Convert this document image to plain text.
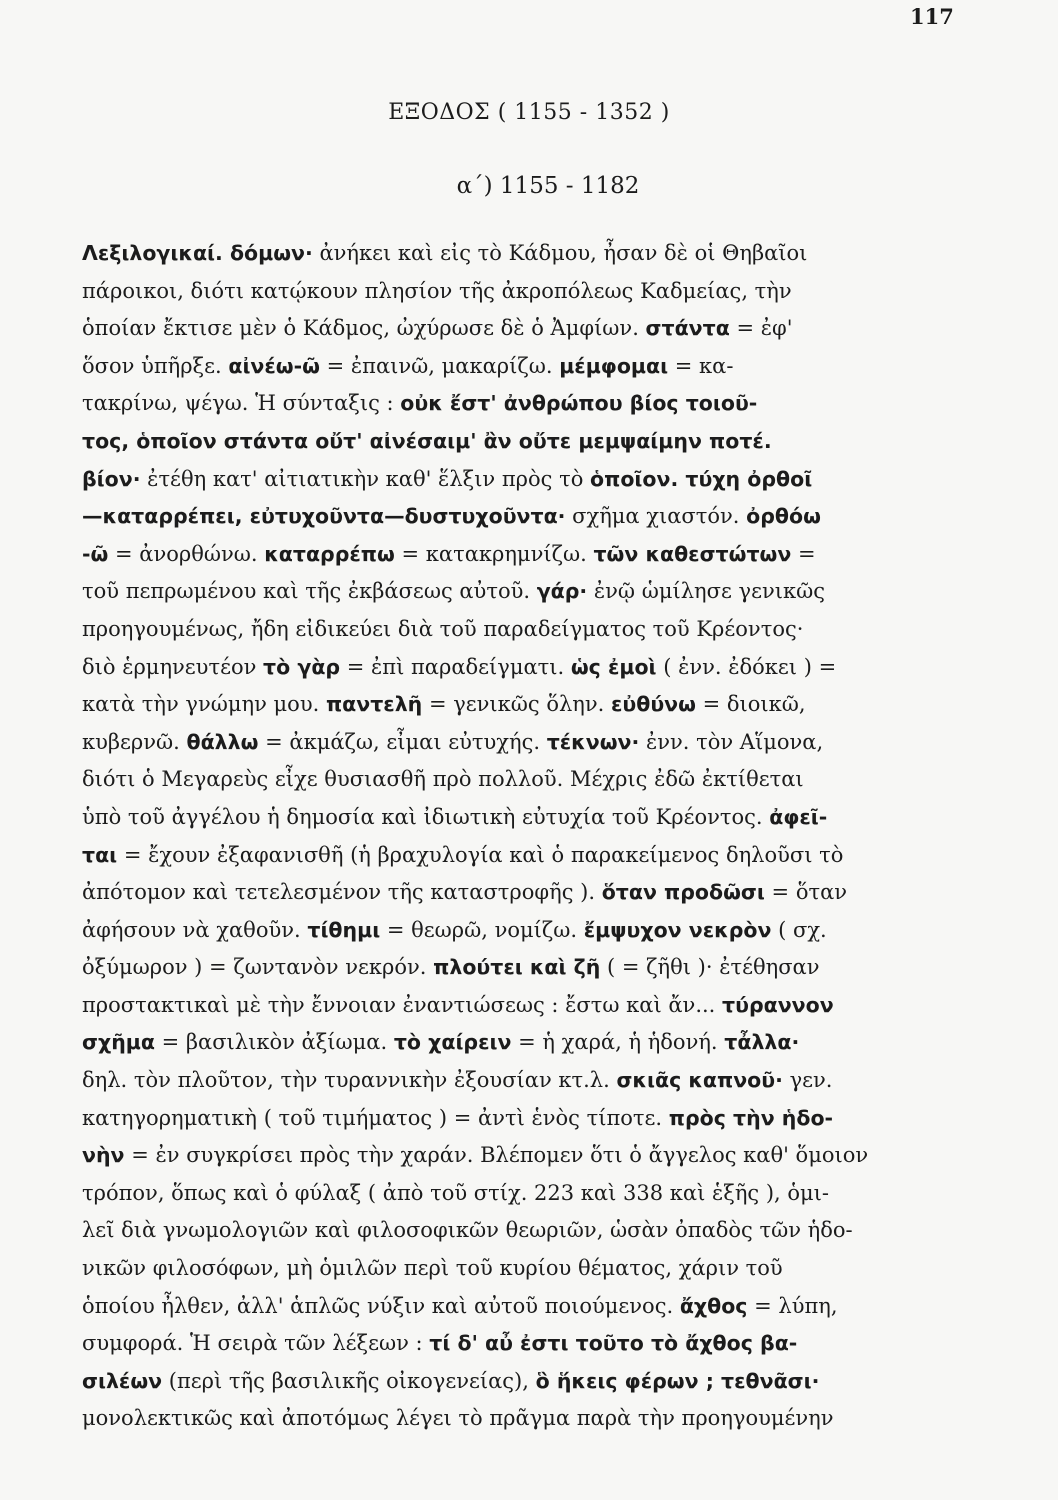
117
ΕΞΟΔΟΣ ( 1155 - 1352 )
α΄) 1155 - 1182
Λεξιλογικαί. δόμων· ἀνήκει καὶ εἰς τὸ Κάδμου, ἦσαν δὲ οἱ Θηβαῖοι
πάροικοι, διότι κατῴκουν πλησίον τῆς ἀκροπόλεως Καδμείας, τὴν
ὁποίαν ἔκτισε μὲν ὁ Κάδμος, ὠχύρωσε δὲ ὁ Ἀμφίων. στάντα = ἐφ'
ὅσον ὑπῆρξε. αἰνέω-ῶ = ἐπαινῶ, μακαρίζω. μέμφομαι = κα-
τακρίνω, ψέγω. Ἡ σύνταξις : οὐκ ἔστ' ἀνθρώπου βίος τοιοῦ-
τος, ὁποῖον στάντα οὔτ' αἰνέσαιμ' ἂν οὔτε μεμψαίμην ποτέ.
βίον· ἐτέθη κατ' αἰτιατικὴν καθ' ἕλξιν πρὸς τὸ ὁποῖον. τύχη ὀρθοῖ
—καταρρέπει, εὐτυχοῦντα—δυστυχοῦντα· σχῆμα χιαστόν. ὀρθόω
-ῶ = ἀνορθώνω. καταρρέπω = κατακρημνίζω. τῶν καθεστώτων =
τοῦ πεπρωμένου καὶ τῆς ἐκβάσεως αὐτοῦ. γάρ· ἐνῷ ὡμίλησε γενικῶς
προηγουμένως, ἤδη εἰδικεύει διὰ τοῦ παραδείγματος τοῦ Κρέοντος·
διὸ ἑρμηνευτέον τὸ γὰρ = ἐπὶ παραδείγματι. ὡς ἐμοὶ ( ἐνν. ἐδόκει ) =
κατὰ τὴν γνώμην μου. παντελῆ = γενικῶς ὅλην. εὐθύνω = διοικῶ,
κυβερνῶ. θάλλω = ἀκμάζω, εἶμαι εὐτυχής. τέκνων· ἐνν. τὸν Αἵμονα,
διότι ὁ Μεγαρεὺς εἶχε θυσιασθῆ πρὸ πολλοῦ. Μέχρις ἐδῶ ἐκτίθεται
ὑπὸ τοῦ ἀγγέλου ἡ δημοσία καὶ ἰδιωτικὴ εὐτυχία τοῦ Κρέοντος. ἀφεῖ-
ται = ἔχουν ἐξαφανισθῆ (ἡ βραχυλογία καὶ ὁ παρακείμενος δηλοῦσι τὸ
ἀπότομον καὶ τετελεσμένον τῆς καταστροφῆς ). ὅταν προδῶσι = ὅταν
ἀφήσουν νὰ χαθοῦν. τίθημι = θεωρῶ, νομίζω. ἔμψυχον νεκρὸν ( σχ.
ὀξύμωρον ) = ζωντανὸν νεκρόν. πλούτει καὶ ζῆ ( = ζῆθι )· ἐτέθησαν
προστακτικαὶ μὲ τὴν ἔννοιαν ἐναντιώσεως : ἔστω καὶ ἄν... τύραννον
σχῆμα = βασιλικὸν ἀξίωμα. τὸ χαίρειν = ἡ χαρά, ἡ ἡδονή. τἆλλα·
δηλ. τὸν πλοῦτον, τὴν τυραννικὴν ἐξουσίαν κτ.λ. σκιᾶς καπνοῦ· γεν.
κατηγορηματικὴ ( τοῦ τιμήματος ) = ἀντὶ ἑνὸς τίποτε. πρὸς τὴν ἡδο-
νὴν = ἐν συγκρίσει πρὸς τὴν χαράν. Βλέπομεν ὅτι ὁ ἄγγελος καθ' ὅμοιον
τρόπον, ὅπως καὶ ὁ φύλαξ ( ἀπὸ τοῦ στίχ. 223 καὶ 338 καὶ ἑξῆς ), ὁμι-
λεῖ διὰ γνωμολογιῶν καὶ φιλοσοφικῶν θεωριῶν, ὡσὰν ὀπαδὸς τῶν ἡδο-
νικῶν φιλοσόφων, μὴ ὁμιλῶν περὶ τοῦ κυρίου θέματος, χάριν τοῦ
ὁποίου ἦλθεν, ἀλλ' ἁπλῶς νύξιν καὶ αὐτοῦ ποιούμενος. ἄχθος = λύπη,
συμφορά. Ἡ σειρὰ τῶν λέξεων : τί δ' αὖ ἐστι τοῦτο τὸ ἄχθος βα-
σιλέων (περὶ τῆς βασιλικῆς οἰκογενείας), ὃ ἥκεις φέρων ; τεθνᾶσι·
μονολεκτικῶς καὶ ἀποτόμως λέγει τὸ πρᾶγμα παρὰ τὴν προηγουμένην
